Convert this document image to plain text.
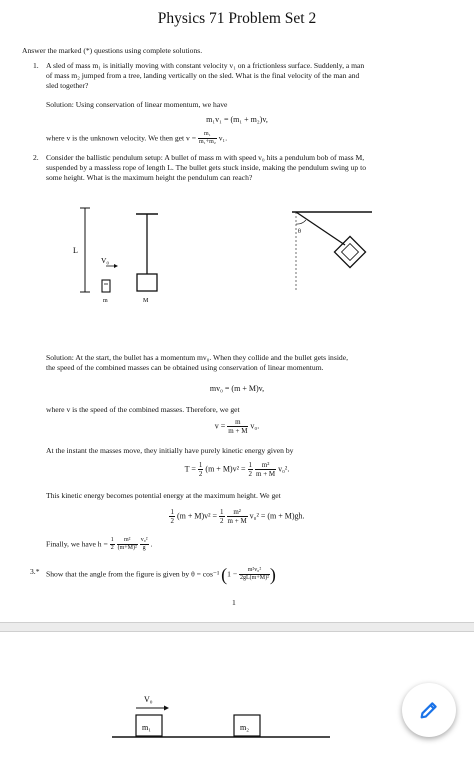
Physics 71 Problem Set 2
Answer the marked (*) questions using complete solutions.
1. A sled of mass m₁ is initially moving with constant velocity v₁ on a frictionless surface. Suddenly, a man
of mass m₂ jumped from a tree, landing vertically on the sled. What is the final velocity of the man and
sled together?
Solution: Using conservation of linear momentum, we have
m₁v₁ = (m₁ + m₂)v,
where v is the unknown velocity. We then get $v = \frac{\text{m₁}}{\text{m₁+m₂}} v_1$.
2. Consider the ballistic pendulum setup: A bullet of mass m with speed v₀ hits a pendulum bob of mass M,
suspended by a massless rope of length L. The bullet gets stuck inside, making the pendulum swing up to
some height. What is the maximum height the pendulum can reach?
L
V₀
m	M
θ
Solution: At the start, the bullet has a momentum mv₀. When they collide and the bullet gets inside,
the speed of the combined masses can be obtained using conservation of linear momentum.
mv₀ = (m + M)v,
where v is the speed of the combined masses. Therefore, we get
$v = \frac{m}{m + M} v_0$.
At the instant the masses move, they initially have purely kinetic energy given by
$T = \frac{1}{2} (m + M)v^2 = \frac{1}{2}$
$\frac{\text{m²}}{m + M} v_0^2$.
This kinetic energy becomes potential energy at the maximum height. We get
$\frac{1}{2} (m + M)v^2 = \frac{1}{2}$
$\frac{\text{m²}}{m + M} v_0^2 = (m + M)gh$.
Finally, we have $h = \frac{1}{2}$
$\frac{\text{m²}}{\text{(m+M)²}}$
$\frac{\text{v₀²}}{g}$ .
3.* Show that the angle from the figure is given by θ = cos⁻¹ ($1 - \frac{\text{m²v₀²}}{\text{2gL(m+M)²}}$ )
1
V₀
m₁	m₂
